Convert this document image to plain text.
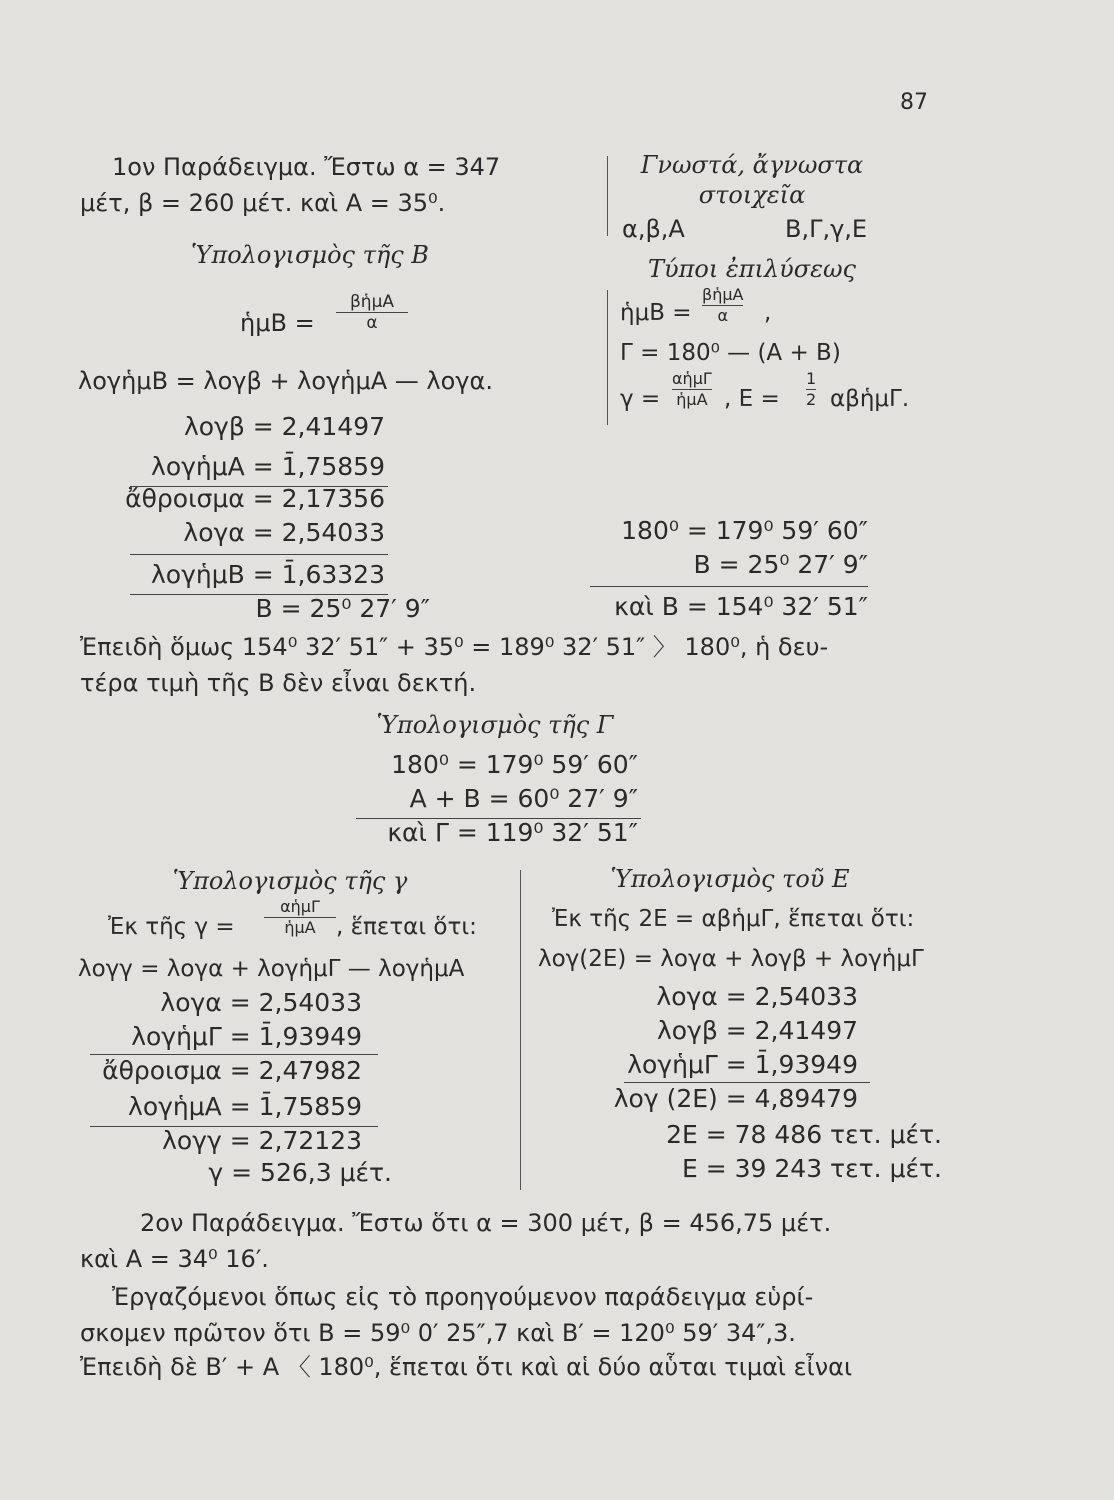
87
1ον Παράδειγμα. Ἔστω α = 347
μέτ, β = 260 μέτ. καὶ Α = 35⁰.
Γνωστά, ἄγνωστα
στοιχεῖα
α,β,Α	Β,Γ,γ,Ε
Τύποι ἐπιλύσεως
ἡμΒ =
βἡμΑ
α ,
Γ = 180⁰ — (Α + Β)
γ =
αἡμΓ
ἡμΑ , Ε =
1
2 αβἡμΓ.
Ὑπολογισμὸς τῆς Β
ἡμΒ =
βἡμΑ
α
λογἡμΒ = λογβ + λογἡμΑ — λογα.
λογβ = 2,41497
λογἡμΑ = 1̄,75859
ἄθροισμα = 2,17356
λογα = 2,54033
λογἡμΒ = 1̄,63323
Β = 25⁰ 27′ 9″
180⁰ = 179⁰ 59′ 60″
Β = 25⁰ 27′ 9″
καὶ Β = 154⁰ 32′ 51″
Ἐπειδὴ ὅμως 154⁰ 32′ 51″ + 35⁰ = 189⁰ 32′ 51″ 〉 180⁰, ἡ δευ-
τέρα τιμὴ τῆς Β δὲν εἶναι δεκτή.
Ὑπολογισμὸς τῆς Γ
180⁰ = 179⁰ 59′ 60″
Α + Β = 60⁰ 27′ 9″
καὶ Γ = 119⁰ 32′ 51″
Ὑπολογισμὸς τῆς γ
Ἐκ τῆς γ =
αἡμΓ
ἡμΑ , ἕπεται ὅτι:
λογγ = λογα + λογἡμΓ — λογἡμΑ
λογα = 2,54033
λογἡμΓ = 1̄,93949
ἄθροισμα = 2,47982
λογἡμΑ = 1̄,75859
λογγ = 2,72123
γ = 526,3 μέτ.
Ὑπολογισμὸς τοῦ Ε
Ἐκ τῆς 2Ε = αβἡμΓ, ἕπεται ὅτι:
λογ(2Ε) = λογα + λογβ + λογἡμΓ
λογα = 2,54033
λογβ = 2,41497
λογἡμΓ = 1̄,93949
λογ (2Ε) = 4,89479
2Ε = 78 486 τετ. μέτ.
Ε = 39 243 τετ. μέτ.
2ον Παράδειγμα. Ἔστω ὅτι α = 300 μέτ, β = 456,75 μέτ.
καὶ Α = 34⁰ 16′.
Ἐργαζόμενοι ὅπως εἰς τὸ προηγούμενον παράδειγμα εὑρί-
σκομεν πρῶτον ὅτι Β = 59⁰ 0′ 25″,7 καὶ Β′ = 120⁰ 59′ 34″,3.
Ἐπειδὴ δὲ Β′ + Α 〈 180⁰, ἕπεται ὅτι καὶ αἱ δύο αὗται τιμαὶ εἶναι
